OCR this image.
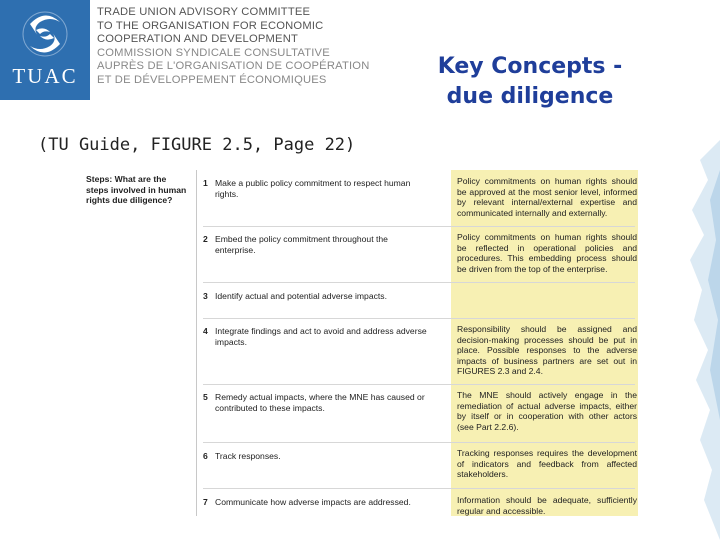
TUAC
TRADE UNION ADVISORY COMMITTEE
TO THE ORGANISATION FOR ECONOMIC
COOPERATION AND DEVELOPMENT
COMMISSION SYNDICALE CONSULTATIVE
AUPRÈS DE L'ORGANISATION DE COOPÉRATION
ET DE DÉVELOPPEMENT ÉCONOMIQUES
Key Concepts -
due diligence
(TU Guide, FIGURE 2.5, Page 22)
Steps: What are the steps involved in human rights due diligence?
1 Make a public policy commitment to respect human rights.
2 Embed the policy commitment throughout the enterprise.
3 Identify actual and potential adverse impacts.
4 Integrate findings and act to avoid and address adverse impacts.
5 Remedy actual impacts, where the MNE has caused or contributed to these impacts.
6 Track responses.
7 Communicate how adverse impacts are addressed.
Policy commitments on human rights should be approved at the most senior level, informed by relevant internal/external expertise and communicated internally and externally.
Policy commitments on human rights should be reflected in operational policies and procedures. This embedding process should be driven from the top of the enterprise.
Responsibility should be assigned and decision-making processes should be put in place. Possible responses to the adverse impacts of business partners are set out in FIGURES 2.3 and 2.4.
The MNE should actively engage in the remediation of actual adverse impacts, either by itself or in cooperation with other actors (see Part 2.2.6).
Tracking responses requires the development of indicators and feedback from affected stakeholders.
Information should be adequate, sufficiently regular and accessible.
